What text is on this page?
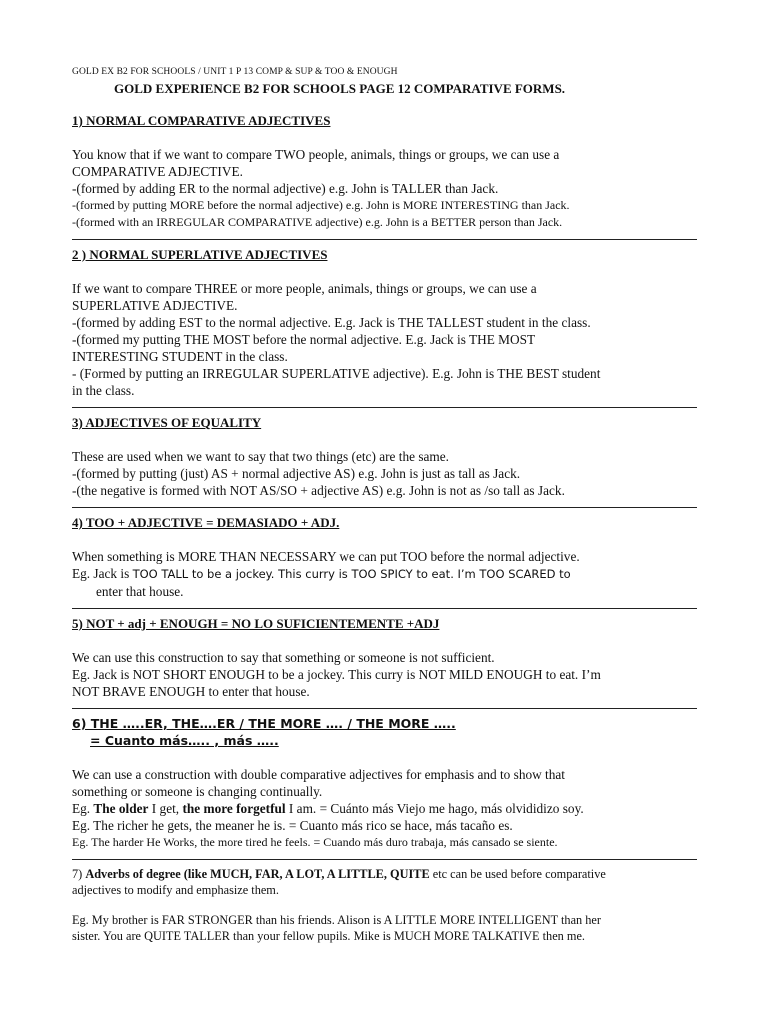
GOLD EX B2 FOR SCHOOLS / UNIT 1 P 13 COMP & SUP & TOO & ENOUGH
GOLD EXPERIENCE B2 FOR SCHOOLS PAGE 12 COMPARATIVE FORMS.
1) NORMAL COMPARATIVE ADJECTIVES

You know that if we want to compare TWO people, animals, things or groups, we can use a

COMPARATIVE ADJECTIVE.

-(formed by adding ER to the normal adjective) e.g. John is TALLER than Jack.

-(formed by putting MORE before the normal adjective) e.g. John is MORE INTERESTING than Jack.

-(formed with an IRREGULAR COMPARATIVE adjective) e.g. John is a BETTER person than Jack.

2 ) NORMAL SUPERLATIVE ADJECTIVES

If we want to compare THREE or more people, animals, things or groups, we can use a

SUPERLATIVE ADJECTIVE.

-(formed by adding EST to the normal adjective. E.g. Jack is THE TALLEST student in the class.

-(formed my putting THE MOST before the normal adjective. E.g. Jack is THE MOST

INTERESTING STUDENT in the class.

- (Formed by putting an IRREGULAR SUPERLATIVE adjective). E.g. John is THE BEST student

in the class.

3) ADJECTIVES OF EQUALITY

These are used when we want to say that two things (etc) are the same.

-(formed by putting (just) AS + normal adjective AS) e.g. John is just as tall as Jack.

-(the negative is formed with NOT AS/SO + adjective AS) e.g. John is not as /so tall as Jack.

4) TOO + ADJECTIVE = DEMASIADO + ADJ.

When something is MORE THAN NECESSARY we can put TOO before the normal adjective.

Eg. Jack is TOO TALL to be a jockey. This curry is TOO SPICY to eat. I’m TOO SCARED to

enter that house.

5) NOT + adj + ENOUGH = NO LO SUFICIENTEMENTE +ADJ

We can use this construction to say that something or someone is not sufficient.

Eg. Jack is NOT SHORT ENOUGH to be a jockey. This curry is NOT MILD ENOUGH to eat. I’m

NOT BRAVE ENOUGH to enter that house.

6) THE …..ER, THE….ER / THE MORE …. / THE MORE …..
= Cuanto más….. , más …..

We can use a construction with double comparative adjectives for emphasis and to show that

something or someone is changing continually.

Eg. The older I get, the more forgetful I am. = Cuánto más Viejo me hago, más olvididizo soy.

Eg. The richer he gets, the meaner he is. = Cuanto más rico se hace, más tacaño es.

Eg. The harder He Works, the more tired he feels. = Cuando más duro trabaja, más cansado se siente.

7) Adverbs of degree (like MUCH, FAR, A LOT, A LITTLE, QUITE etc can be used before comparative

adjectives to modify and emphasize them.

Eg. My brother is FAR STRONGER than his friends. Alison is A LITTLE MORE INTELLIGENT than her

sister. You are QUITE TALLER than your fellow pupils. Mike is MUCH MORE TALKATIVE then me.
